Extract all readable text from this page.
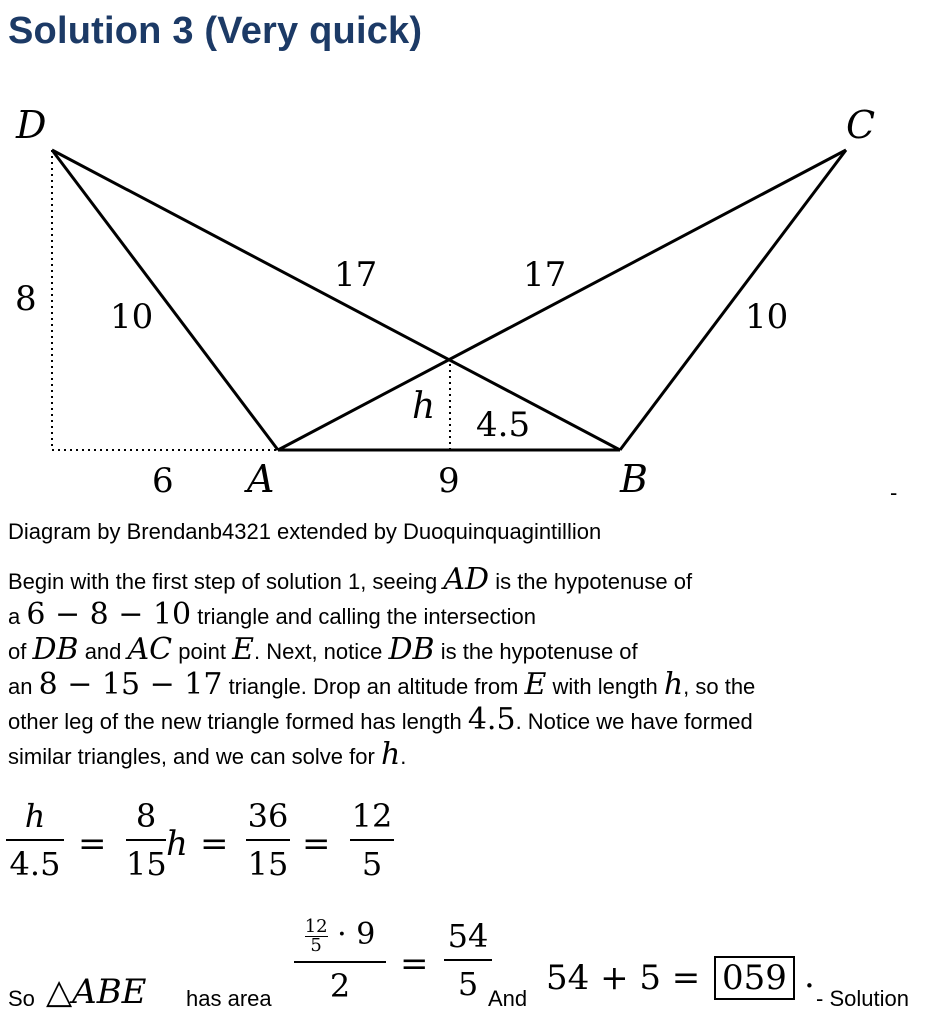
Solution 3 (Very quick)
D	C
A	B
10	10
17	17
8
6	9
h 4.5
-
Diagram by Brendanb4321 extended by Duoquinquagintillion
Begin with the first step of solution 1, seeing AD is the hypotenuse of
a 6 − 8 − 10 triangle and calling the intersection
of DB and AC point E. Next, notice DB is the hypotenuse of
an 8 − 15 − 17 triangle. Drop an altitude from E with length h, so the
other leg of the new triangle formed has length 4.5. Notice we have formed
similar triangles, and we can solve for h.
h
4.5 =
8
15 h =
36
15 =
12
5
So △ABE has area
$\frac{12}{5} \cdot 9$
2
=
54
5 And
54 + 5 = 059 .
- Solution
